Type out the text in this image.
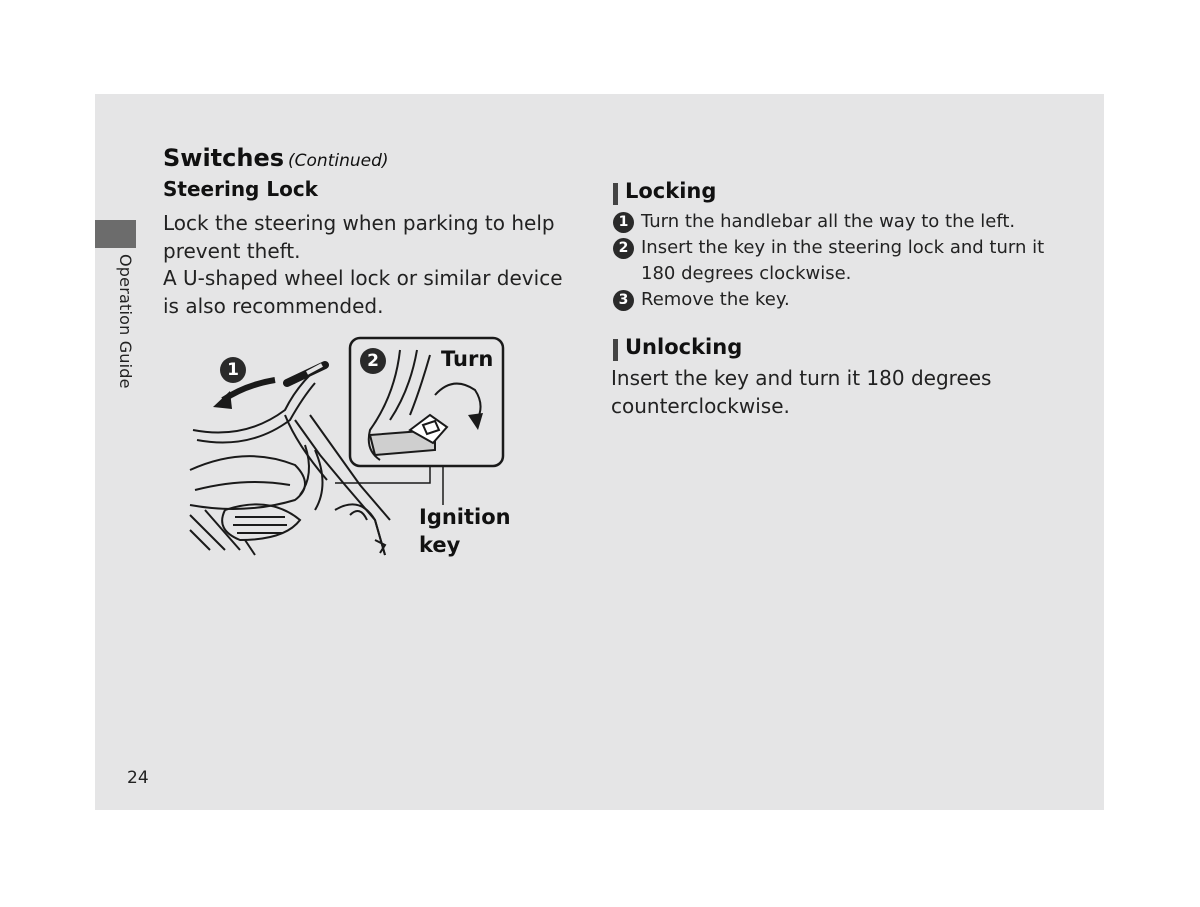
Operation Guide
Switches (Continued)
Steering Lock

Lock the steering when parking to help prevent theft.

A U-shaped wheel lock or similar device is also recommended.

1	2	Turn
Ignition
key
Locking
1 Turn the handlebar all the way to the left.
2 Insert the key in the steering lock and turn it 180 degrees clockwise.
3 Remove the key.
Unlocking
Insert the key and turn it 180 degrees counterclockwise.
24
